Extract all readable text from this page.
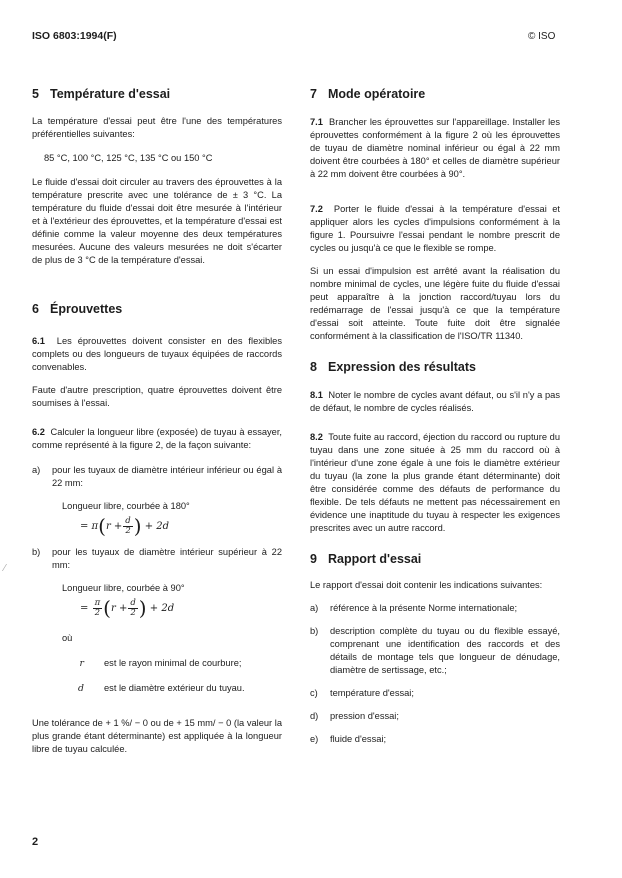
ISO 6803:1994(F)	© ISO
⁄
5 Température d'essai

La température d'essai peut être l'une des températures préférentielles suivantes:

85 °C, 100 °C, 125 °C, 135 °C ou 150 °C

Le fluide d'essai doit circuler au travers des éprouvettes à la température prescrite avec une tolérance de ± 3 °C. La température du fluide d'essai doit être mesurée à l'intérieur et à l'extérieur des éprouvettes, et la température d'essai est définie comme la valeur moyenne des deux températures mesurées. Aucune des valeurs mesurées ne doit s'écarter de plus de 3 °C de la température d'essai.

6 Éprouvettes

6.1 Les éprouvettes doivent consister en des flexibles complets ou des longueurs de tuyaux équipées de raccords convenables.

Faute d'autre prescription, quatre éprouvettes doivent être soumises à l'essai.

6.2 Calculer la longueur libre (exposée) de tuyau à essayer, comme représenté à la figure 2, de la façon suivante:

a)	pour les tuyaux de diamètre intérieur inférieur ou égal à 22 mm:
Longueur libre, courbée à 180°
= π ( $r + \frac{d}{2}$ )
+ 2d
b)	pour les tuyaux de diamètre intérieur supérieur à 22 mm:
Longueur libre, courbée à 90°
=
$\frac{\pi}{2}$ ( $r + \frac{d}{2}$ )
+ 2d
où
r	est le rayon minimal de courbure;
d	est le diamètre extérieur du tuyau.

Une tolérance de + 1 %/ − 0 ou de + 15 mm/ − 0 (la valeur la plus grande étant déterminante) est appliquée à la longueur libre de tuyau calculée.

7 Mode opératoire

7.1 Brancher les éprouvettes sur l'appareillage. Installer les éprouvettes conformément à la figure 2 où les éprouvettes de tuyau de diamètre nominal inférieur ou égal à 22 mm doivent être courbées à 180° et celles de diamètre supérieur à 22 mm doivent être courbées à 90°.

7.2 Porter le fluide d'essai à la température d'essai et appliquer alors les cycles d'impulsions conformément à la figure 1. Poursuivre l'essai pendant le nombre prescrit de cycles ou jusqu'à ce que le flexible se rompe.

Si un essai d'impulsion est arrêté avant la réalisation du nombre minimal de cycles, une légère fuite du fluide d'essai peut apparaître à la jonction raccord/tuyau lors du redémarrage de l'essai jusqu'à ce que la température d'essai soit atteinte. Toute fuite doit être signalée conformément à la classification de l'ISO/TR 11340.

8 Expression des résultats

8.1 Noter le nombre de cycles avant défaut, ou s'il n'y a pas de défaut, le nombre de cycles réalisés.

8.2 Toute fuite au raccord, éjection du raccord ou rupture du tuyau dans une zone située à 25 mm du raccord où à l'intérieur d'une zone égale à une fois le diamètre extérieur du tuyau (la zone la plus grande étant déterminante) doit être considérée comme des défauts de performance du flexible. De tels défauts ne mettent pas nécessairement en évidence une inaptitude du tuyau à respecter les exigences prescrites avec un autre raccord.

9 Rapport d'essai

Le rapport d'essai doit contenir les indications suivantes:

a)	référence à la présente Norme internationale;
b)	description complète du tuyau ou du flexible essayé, comprenant une identification des raccords et des détails de montage tels que longueur de dénudage, diamètre de sertissage, etc.;
c)	température d'essai;
d)	pression d'essai;
e)	fluide d'essai;
2
